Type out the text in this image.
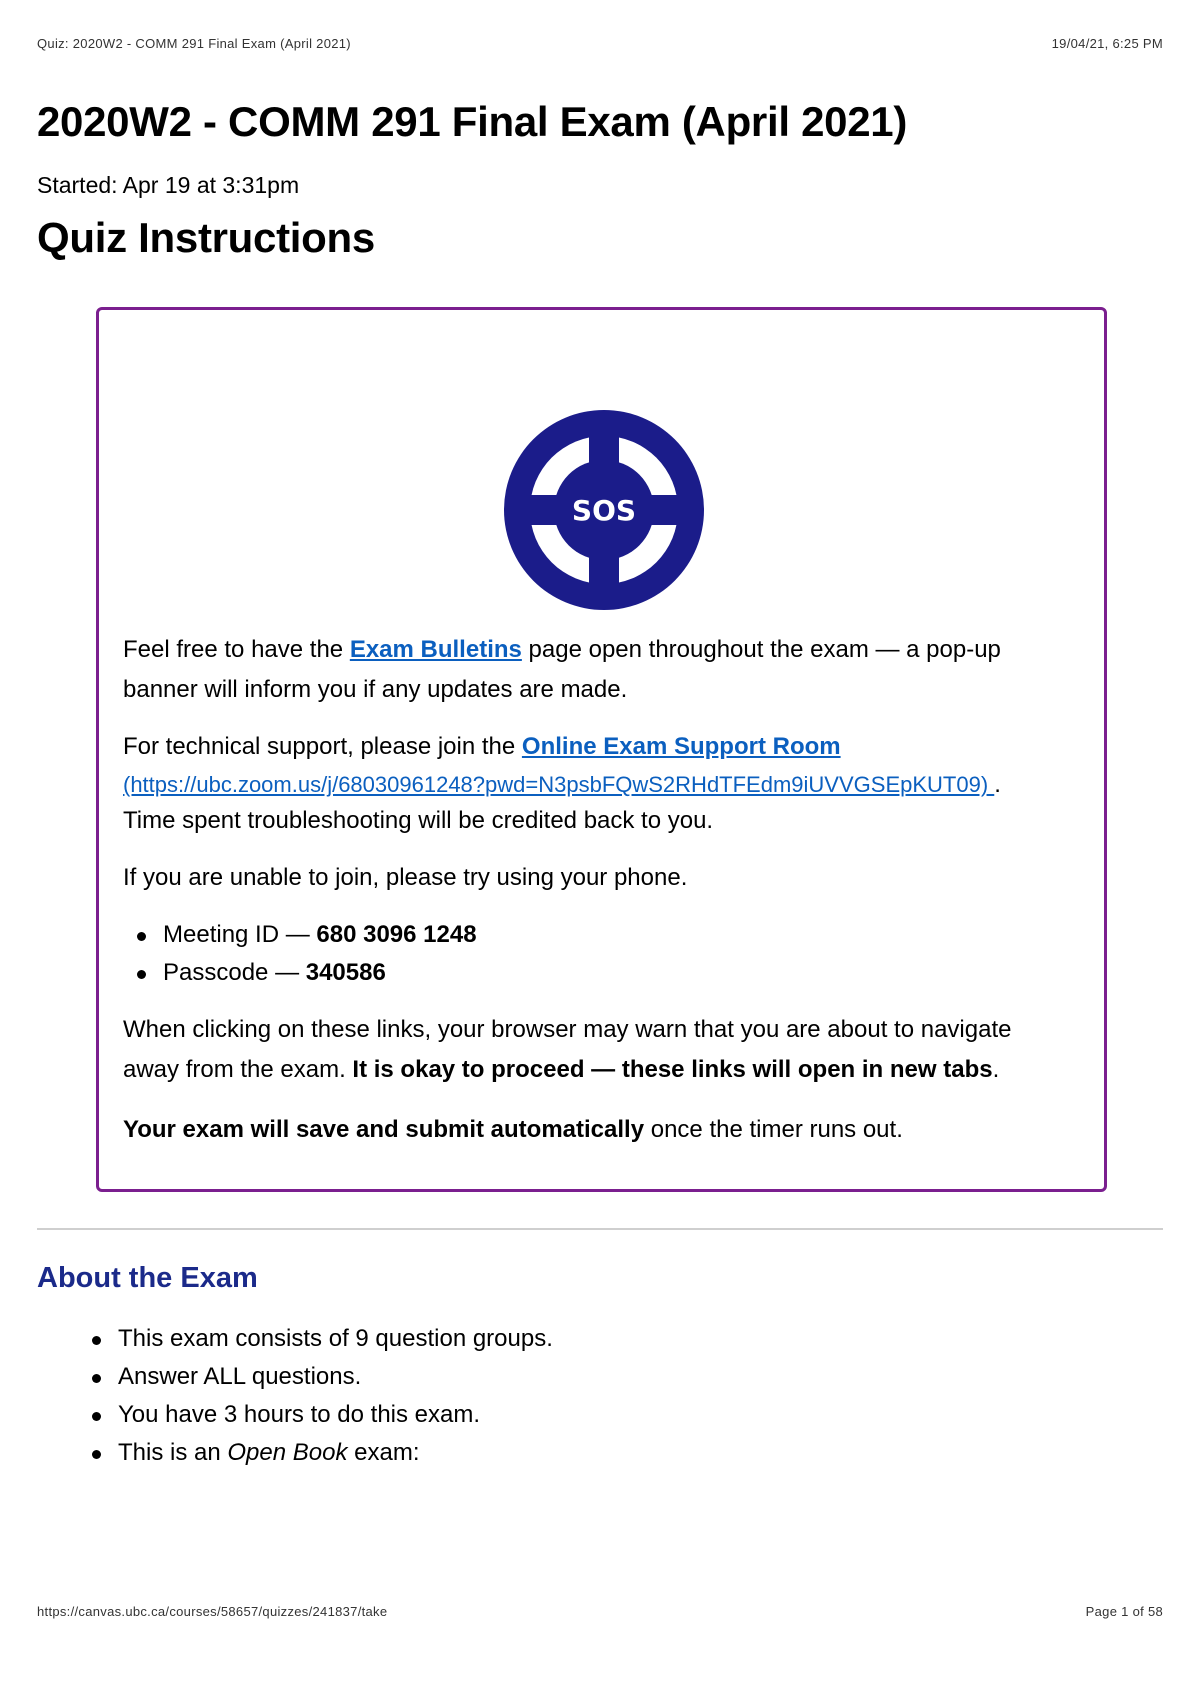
Quiz: 2020W2 - COMM 291 Final Exam (April 2021)	19/04/21, 6:25 PM
2020W2 - COMM 291 Final Exam (April 2021)
Started: Apr 19 at 3:31pm
Quiz Instructions
SOS
Feel free to have the Exam Bulletins page open throughout the exam — a pop-up
banner will inform you if any updates are made.
For technical support, please join the Online Exam Support Room
(https://ubc.zoom.us/j/68030961248?pwd=N3psbFQwS2RHdTFEdm9iUVVGSEpKUT09) .
Time spent troubleshooting will be credited back to you.
If you are unable to join, please try using your phone.
Meeting ID — 680 3096 1248
Passcode — 340586
When clicking on these links, your browser may warn that you are about to navigate
away from the exam. It is okay to proceed — these links will open in new tabs.
Your exam will save and submit automatically once the timer runs out.
About the Exam
This exam consists of 9 question groups.
Answer ALL questions.
You have 3 hours to do this exam.
This is an Open Book exam:
https://canvas.ubc.ca/courses/58657/quizzes/241837/take	Page 1 of 58
